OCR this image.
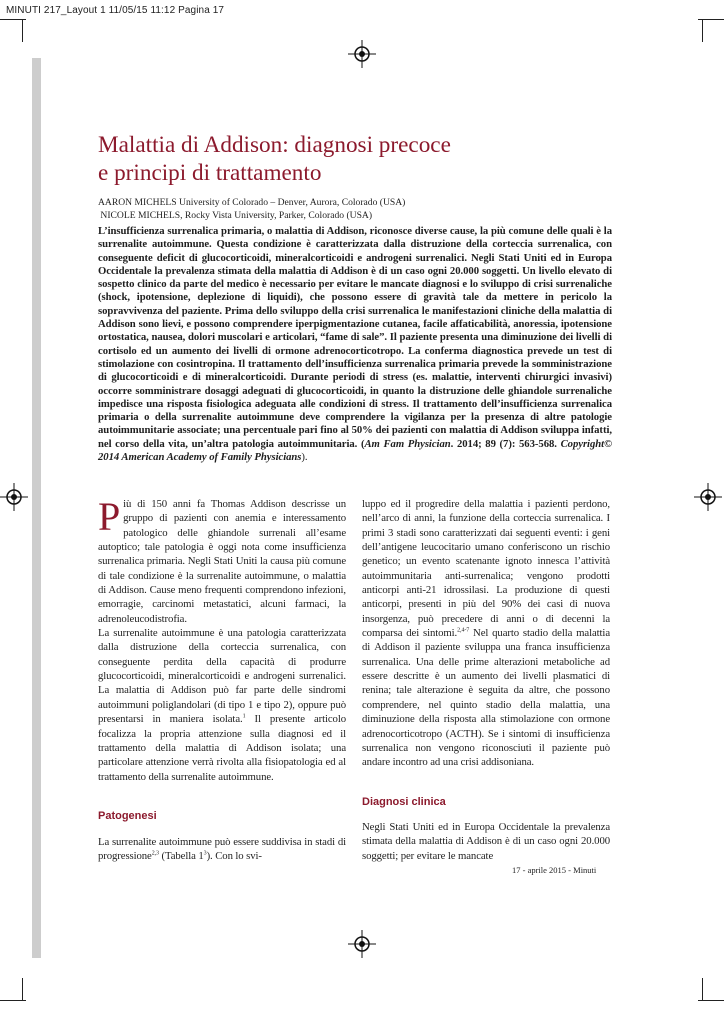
MINUTI 217_Layout 1 11/05/15 11:12 Pagina 17
Malattia di Addison: diagnosi precoce
e principi di trattamento
AARON MICHELS University of Colorado – Denver, Aurora, Colorado (USA)
NICOLE MICHELS, Rocky Vista University, Parker, Colorado (USA)

L’insufficienza surrenalica primaria, o malattia di Addison, riconosce diverse cause, la più comune delle quali è la surrenalite autoimmune. Questa condizione è caratterizzata dalla distruzione della corteccia surrenalica, con conseguente deficit di glucocorticoidi, mineralcorticoidi e androgeni surrenalici. Negli Stati Uniti ed in Europa Occidentale la prevalenza stimata della malattia di Addison è di un caso ogni 20.000 soggetti. Un livello elevato di sospetto clinico da parte del medico è necessario per evitare le mancate diagnosi e lo sviluppo di crisi surrenaliche (shock, ipotensione, deplezione di liquidi), che possono essere di gravità tale da mettere in pericolo la sopravvivenza del paziente. Prima dello sviluppo della crisi surrenalica le manifestazioni cliniche della malattia di Addison sono lievi, e possono comprendere iperpigmentazione cutanea, facile affaticabilità, anoressia, ipotensione ortostatica, nausea, dolori muscolari e articolari, “fame di sale”. Il paziente presenta una diminuzione dei livelli di cortisolo ed un aumento dei livelli di ormone adrenocorticotropo. La conferma diagnostica prevede un test di stimolazione con cosintropina. Il trattamento dell’insufficienza surrenalica primaria prevede la somministrazione di glucocorticoidi e di mineralcorticoidi. Durante periodi di stress (es. malattie, interventi chirurgici invasivi) occorre somministrare dosaggi adeguati di glucocorticoidi, in quanto la distruzione delle ghiandole surrenaliche impedisce una risposta fisiologica adeguata alle condizioni di stress. Il trattamento dell’insufficienza surrenalica primaria o della surrenalite autoimmune deve comprendere la vigilanza per la presenza di altre patologie autoimmunitarie associate; una percentuale pari fino al 50% dei pazienti con malattia di Addison sviluppa infatti, nel corso della vita, un’altra patologia autoimmunitaria. (Am Fam Physician. 2014; 89 (7): 563-568. Copyright© 2014 American Academy of Family Physicians).

Più di 150 anni fa Thomas Addison descrisse un gruppo di pazienti con anemia e interessamento patologico delle ghiandole surrenali all’esame autoptico; tale patologia è oggi nota come insufficienza surrenalica primaria. Negli Stati Uniti la causa più comune di tale condizione è la surrenalite autoimmune, o malattia di Addison. Cause meno frequenti comprendono infezioni, emorragie, carcinomi metastatici, alcuni farmaci, la adrenoleucodistrofia.

La surrenalite autoimmune è una patologia caratterizzata dalla distruzione della corteccia surrenalica, con conseguente perdita della capacità di produrre glucocorticoidi, mineralcorticoidi e androgeni surrenalici. La malattia di Addison può far parte delle sindromi autoimmuni poliglandolari (di tipo 1 e tipo 2), oppure può presentarsi in maniera isolata.$^1$ Il presente articolo focalizza la propria attenzione sulla diagnosi ed il trattamento della malattia di Addison isolata; una particolare attenzione verrà rivolta alla fisiopatologia ed al trattamento della surrenalite autoimmune.

Patogenesi

La surrenalite autoimmune può essere suddivisa in stadi di progressione$^{2,3}$ (Tabella $1^3$). Con lo svi-

luppo ed il progredire della malattia i pazienti perdono, nell’arco di anni, la funzione della corteccia surrenalica. I primi 3 stadi sono caratterizzati dai seguenti eventi: i geni dell’antigene leucocitario umano conferiscono un rischio genetico; un evento scatenante ignoto innesca l’attività autoimmunitaria anti-surrenalica; vengono prodotti anticorpi anti-21 idrossilasi. La produzione di questi anticorpi, presenti in più del 90% dei casi di nuova insorgenza, può precedere di anni o di decenni la comparsa dei sintomi.$^{2,4-7}$ Nel quarto stadio della malattia di Addison il paziente sviluppa una franca insufficienza surrenalica. Una delle prime alterazioni metaboliche ad essere descritte è un aumento dei livelli plasmatici di renina; tale alterazione è seguita da altre, che possono comprendere, nel quinto stadio della malattia, una diminuzione della risposta alla stimolazione con ormone adrenocorticotropo (ACTH). Se i sintomi di insufficienza surrenalica non vengono riconosciuti il paziente può andare incontro ad una crisi addisoniana.

Diagnosi clinica

Negli Stati Uniti ed in Europa Occidentale la prevalenza stimata della malattia di Addison è di un caso ogni 20.000 soggetti; per evitare le mancate

17 - aprile 2015 - Minuti
